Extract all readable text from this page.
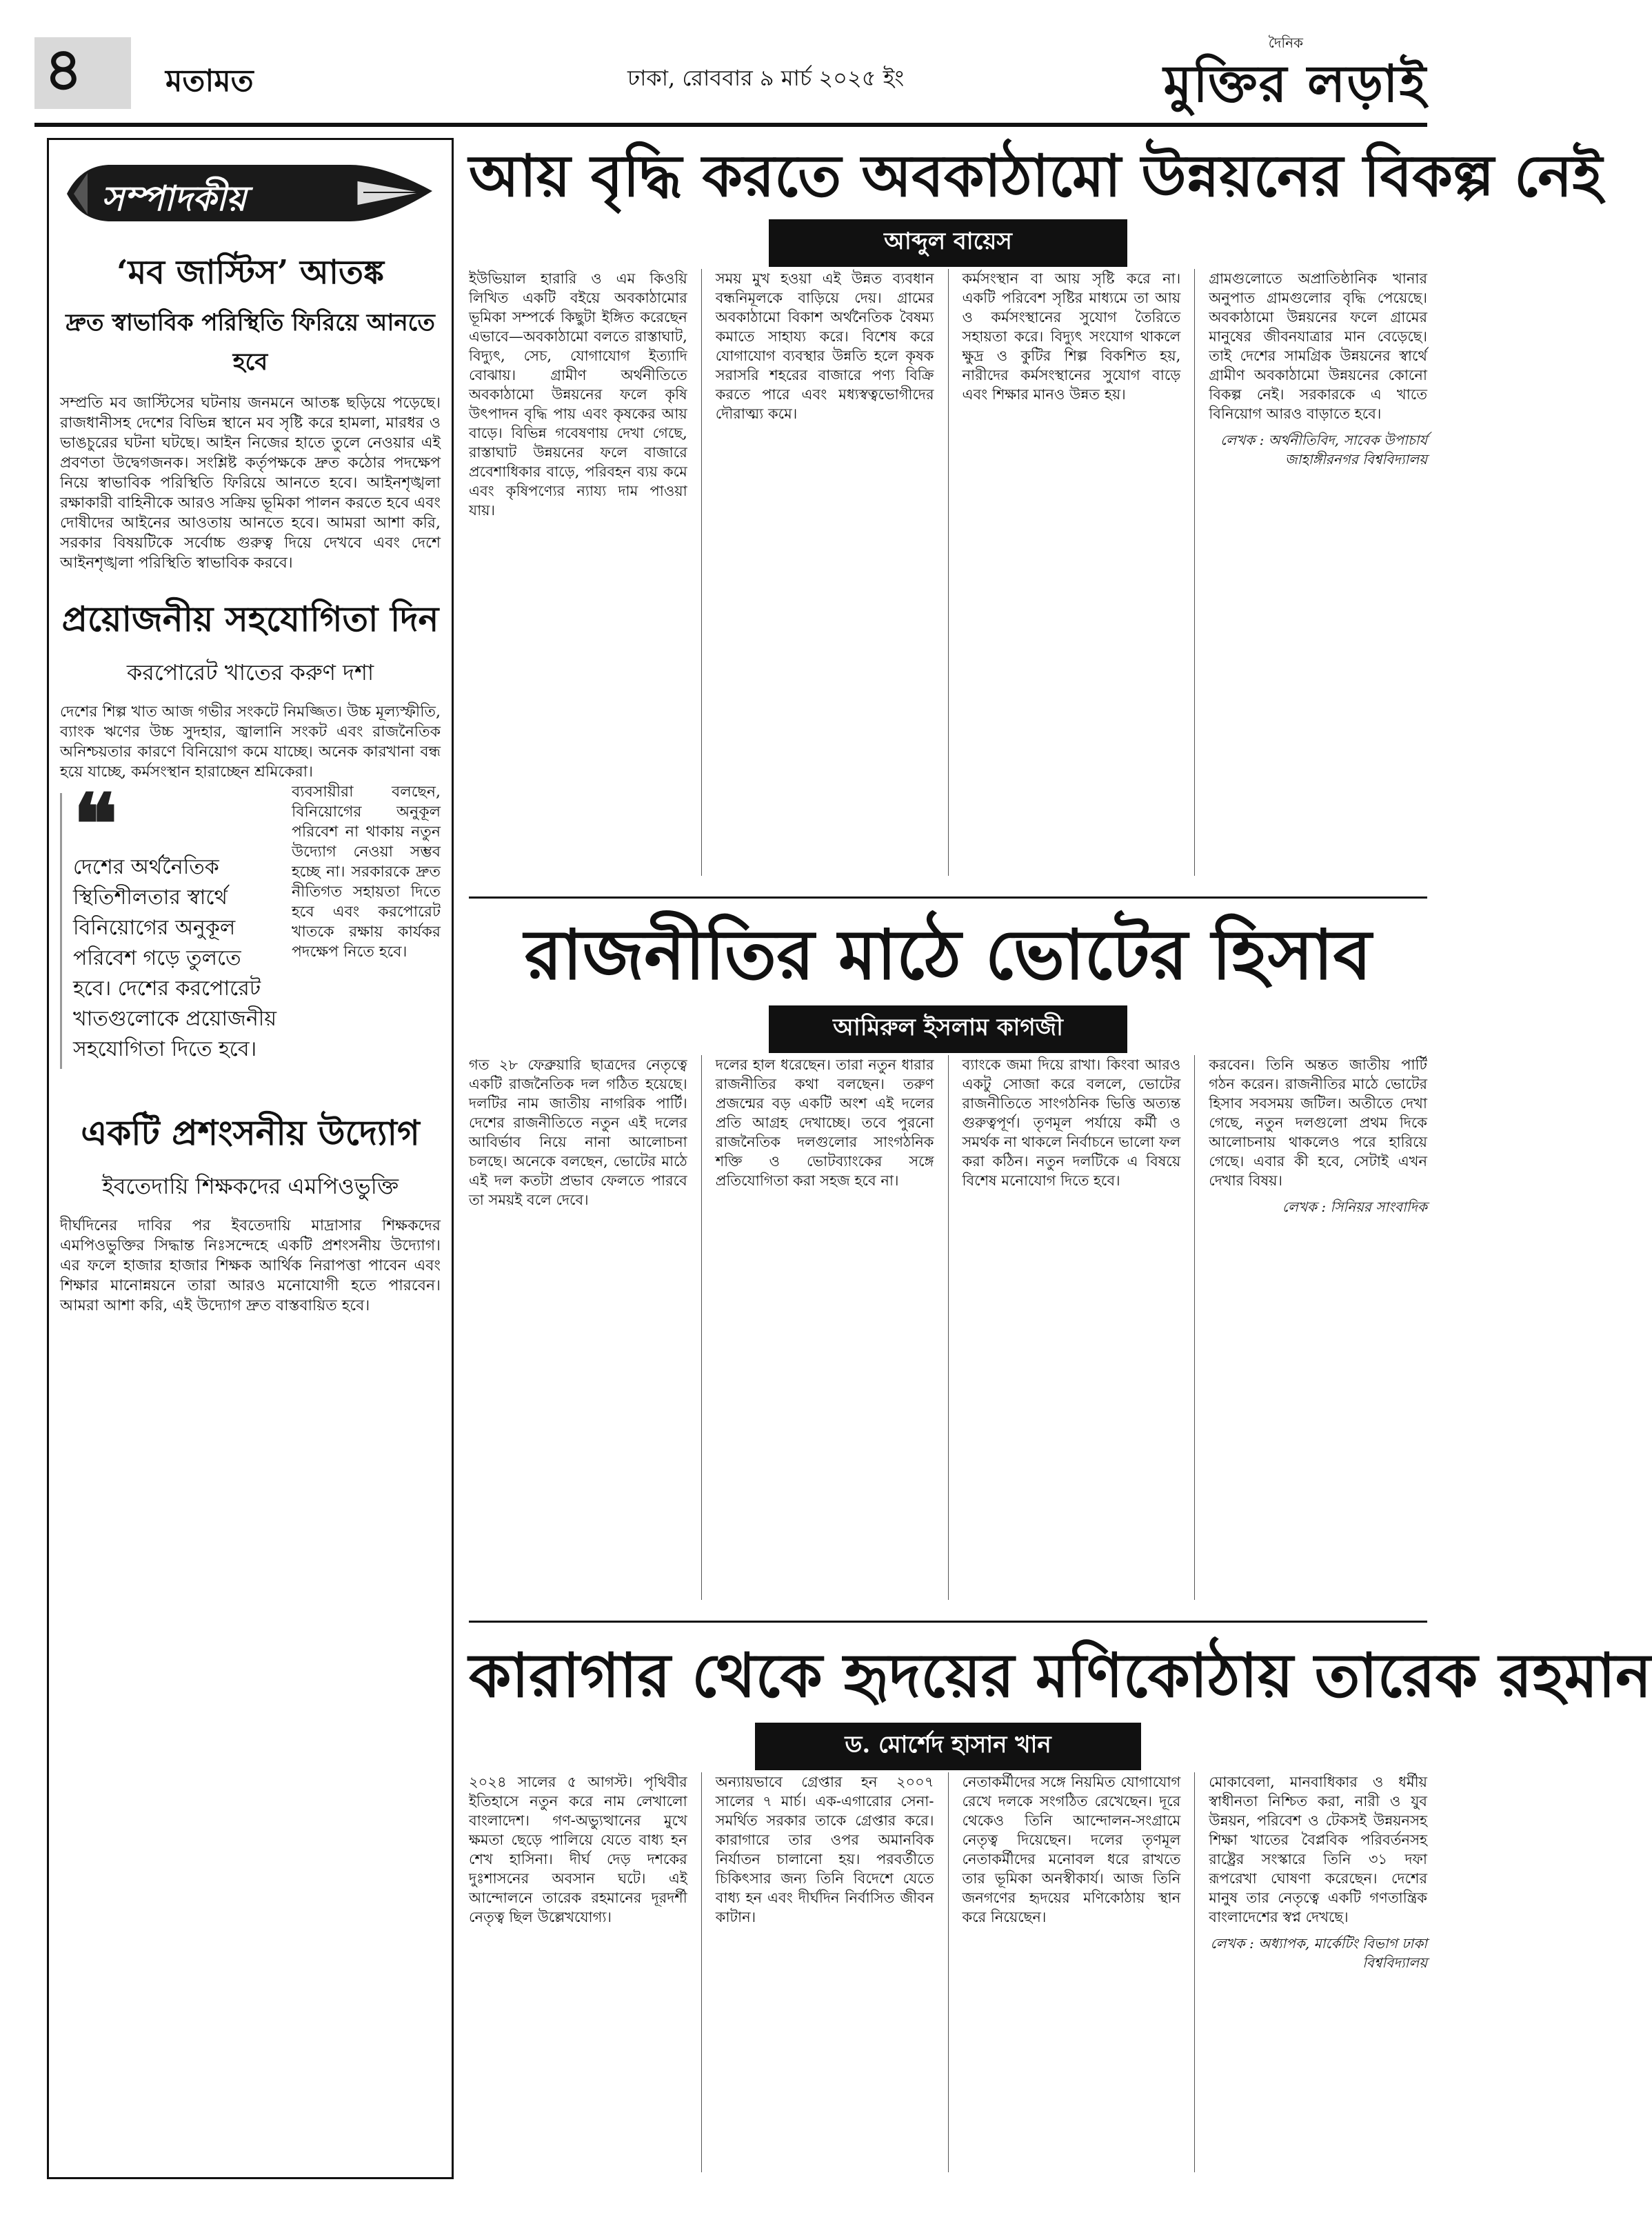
৪	মতামত	ঢাকা, রোববার ৯ মার্চ ২০২৫ ইং
দৈনিক
মুক্তির লড়াই
সম্পাদকীয়
‘মব জাস্টিস’ আতঙ্ক
দ্রুত স্বাভাবিক পরিস্থিতি ফিরিয়ে আনতে হবে

সম্প্রতি মব জাস্টিসের ঘটনায় জনমনে আতঙ্ক ছড়িয়ে পড়েছে। রাজধানীসহ দেশের বিভিন্ন স্থানে মব সৃষ্টি করে হামলা, মারধর ও ভাঙচুরের ঘটনা ঘটছে। আইন নিজের হাতে তুলে নেওয়ার এই প্রবণতা উদ্বেগজনক। সংশ্লিষ্ট কর্তৃপক্ষকে দ্রুত কঠোর পদক্ষেপ নিয়ে স্বাভাবিক পরিস্থিতি ফিরিয়ে আনতে হবে। আইনশৃঙ্খলা রক্ষাকারী বাহিনীকে আরও সক্রিয় ভূমিকা পালন করতে হবে এবং দোষীদের আইনের আওতায় আনতে হবে। আমরা আশা করি, সরকার বিষয়টিকে সর্বোচ্চ গুরুত্ব দিয়ে দেখবে এবং দেশে আইনশৃঙ্খলা পরিস্থিতি স্বাভাবিক করবে।

প্রয়োজনীয় সহযোগিতা দিন
করপোরেট খাতের করুণ দশা

দেশের শিল্প খাত আজ গভীর সংকটে নিমজ্জিত। উচ্চ মূল্যস্ফীতি, ব্যাংক ঋণের উচ্চ সুদহার, জ্বালানি সংকট এবং রাজনৈতিক অনিশ্চয়তার কারণে বিনিয়োগ কমে যাচ্ছে। অনেক কারখানা বন্ধ হয়ে যাচ্ছে, কর্মসংস্থান হারাচ্ছেন শ্রমিকেরা।

❝
দেশের অর্থনৈতিক স্থিতিশীলতার স্বার্থে বিনিয়োগের অনুকূল পরিবেশ গড়ে তুলতে হবে। দেশের করপোরেট খাতগুলোকে প্রয়োজনীয় সহযোগিতা দিতে হবে।

ব্যবসায়ীরা বলছেন, বিনিয়োগের অনুকূল পরিবেশ না থাকায় নতুন উদ্যোগ নেওয়া সম্ভব হচ্ছে না। সরকারকে দ্রুত নীতিগত সহায়তা দিতে হবে এবং করপোরেট খাতকে রক্ষায় কার্যকর পদক্ষেপ নিতে হবে।

একটি প্রশংসনীয় উদ্যোগ
ইবতেদায়ি শিক্ষকদের এমপিওভুক্তি

দীর্ঘদিনের দাবির পর ইবতেদায়ি মাদ্রাসার শিক্ষকদের এমপিওভুক্তির সিদ্ধান্ত নিঃসন্দেহে একটি প্রশংসনীয় উদ্যোগ। এর ফলে হাজার হাজার শিক্ষক আর্থিক নিরাপত্তা পাবেন এবং শিক্ষার মানোন্নয়নে তারা আরও মনোযোগী হতে পারবেন। আমরা আশা করি, এই উদ্যোগ দ্রুত বাস্তবায়িত হবে।

আয় বৃদ্ধি করতে অবকাঠামো উন্নয়নের বিকল্প নেই
আব্দুল বায়েস
ইউভিয়াল হারারি ও এম কিওয়ি লিখিত একটি বইয়ে অবকাঠামোর ভূমিকা সম্পর্কে কিছুটা ইঙ্গিত করেছেন এভাবে—অবকাঠামো বলতে রাস্তাঘাট, বিদ্যুৎ, সেচ, যোগাযোগ ইত্যাদি বোঝায়। গ্রামীণ অর্থনীতিতে অবকাঠামো উন্নয়নের ফলে কৃষি উৎপাদন বৃদ্ধি পায় এবং কৃষকের আয় বাড়ে। বিভিন্ন গবেষণায় দেখা গেছে, রাস্তাঘাট উন্নয়নের ফলে বাজারে প্রবেশাধিকার বাড়ে, পরিবহন ব্যয় কমে এবং কৃষিপণ্যের ন্যায্য দাম পাওয়া যায়।
সময় মুখ হওয়া এই উন্নত ব্যবধান বন্ধনিমূলকে বাড়িয়ে দেয়। গ্রামের অবকাঠামো বিকাশ অর্থনৈতিক বৈষম্য কমাতে সাহায্য করে। বিশেষ করে যোগাযোগ ব্যবস্থার উন্নতি হলে কৃষক সরাসরি শহরের বাজারে পণ্য বিক্রি করতে পারে এবং মধ্যস্বত্বভোগীদের দৌরাত্ম্য কমে।
কর্মসংস্থান বা আয় সৃষ্টি করে না। একটি পরিবেশ সৃষ্টির মাধ্যমে তা আয় ও কর্মসংস্থানের সুযোগ তৈরিতে সহায়তা করে। বিদ্যুৎ সংযোগ থাকলে ক্ষুদ্র ও কুটির শিল্প বিকশিত হয়, নারীদের কর্মসংস্থানের সুযোগ বাড়ে এবং শিক্ষার মানও উন্নত হয়।
গ্রামগুলোতে অপ্রাতিষ্ঠানিক খানার অনুপাত গ্রামগুলোর বৃদ্ধি পেয়েছে। অবকাঠামো উন্নয়নের ফলে গ্রামের মানুষের জীবনযাত্রার মান বেড়েছে। তাই দেশের সামগ্রিক উন্নয়নের স্বার্থে গ্রামীণ অবকাঠামো উন্নয়নের কোনো বিকল্প নেই। সরকারকে এ খাতে বিনিয়োগ আরও বাড়াতে হবে।
লেখক : অর্থনীতিবিদ, সাবেক উপাচার্য জাহাঙ্গীরনগর বিশ্ববিদ্যালয়
রাজনীতির মাঠে ভোটের হিসাব
আমিরুল ইসলাম কাগজী
গত ২৮ ফেব্রুয়ারি ছাত্রদের নেতৃত্বে একটি রাজনৈতিক দল গঠিত হয়েছে। দলটির নাম জাতীয় নাগরিক পার্টি। দেশের রাজনীতিতে নতুন এই দলের আবির্ভাব নিয়ে নানা আলোচনা চলছে। অনেকে বলছেন, ভোটের মাঠে এই দল কতটা প্রভাব ফেলতে পারবে তা সময়ই বলে দেবে।
দলের হাল ধরেছেন। তারা নতুন ধারার রাজনীতির কথা বলছেন। তরুণ প্রজন্মের বড় একটি অংশ এই দলের প্রতি আগ্রহ দেখাচ্ছে। তবে পুরনো রাজনৈতিক দলগুলোর সাংগঠনিক শক্তি ও ভোটব্যাংকের সঙ্গে প্রতিযোগিতা করা সহজ হবে না।
ব্যাংকে জমা দিয়ে রাখা। কিংবা আরও একটু সোজা করে বললে, ভোটের রাজনীতিতে সাংগঠনিক ভিত্তি অত্যন্ত গুরুত্বপূর্ণ। তৃণমূল পর্যায়ে কর্মী ও সমর্থক না থাকলে নির্বাচনে ভালো ফল করা কঠিন। নতুন দলটিকে এ বিষয়ে বিশেষ মনোযোগ দিতে হবে।
করবেন। তিনি অন্তত জাতীয় পার্টি গঠন করেন। রাজনীতির মাঠে ভোটের হিসাব সবসময় জটিল। অতীতে দেখা গেছে, নতুন দলগুলো প্রথম দিকে আলোচনায় থাকলেও পরে হারিয়ে গেছে। এবার কী হবে, সেটাই এখন দেখার বিষয়।
লেখক : সিনিয়র সাংবাদিক
কারাগার থেকে হৃদয়ের মণিকোঠায় তারেক রহমান
ড. মোর্শেদ হাসান খান
২০২৪ সালের ৫ আগস্ট। পৃথিবীর ইতিহাসে নতুন করে নাম লেখালো বাংলাদেশ। গণ-অভ্যুত্থানের মুখে ক্ষমতা ছেড়ে পালিয়ে যেতে বাধ্য হন শেখ হাসিনা। দীর্ঘ দেড় দশকের দুঃশাসনের অবসান ঘটে। এই আন্দোলনে তারেক রহমানের দূরদর্শী নেতৃত্ব ছিল উল্লেখযোগ্য।
অন্যায়ভাবে গ্রেপ্তার হন ২০০৭ সালের ৭ মার্চ। এক-এগারোর সেনা-সমর্থিত সরকার তাকে গ্রেপ্তার করে। কারাগারে তার ওপর অমানবিক নির্যাতন চালানো হয়। পরবর্তীতে চিকিৎসার জন্য তিনি বিদেশে যেতে বাধ্য হন এবং দীর্ঘদিন নির্বাসিত জীবন কাটান।
নেতাকর্মীদের সঙ্গে নিয়মিত যোগাযোগ রেখে দলকে সংগঠিত রেখেছেন। দূরে থেকেও তিনি আন্দোলন-সংগ্রামে নেতৃত্ব দিয়েছেন। দলের তৃণমূল নেতাকর্মীদের মনোবল ধরে রাখতে তার ভূমিকা অনস্বীকার্য। আজ তিনি জনগণের হৃদয়ের মণিকোঠায় স্থান করে নিয়েছেন।
মোকাবেলা, মানবাধিকার ও ধর্মীয় স্বাধীনতা নিশ্চিত করা, নারী ও যুব উন্নয়ন, পরিবেশ ও টেকসই উন্নয়নসহ শিক্ষা খাতের বৈপ্লবিক পরিবর্তনসহ রাষ্ট্রের সংস্কারে তিনি ৩১ দফা রূপরেখা ঘোষণা করেছেন। দেশের মানুষ তার নেতৃত্বে একটি গণতান্ত্রিক বাংলাদেশের স্বপ্ন দেখছে।
লেখক : অধ্যাপক, মার্কেটিং বিভাগ ঢাকা বিশ্ববিদ্যালয়
